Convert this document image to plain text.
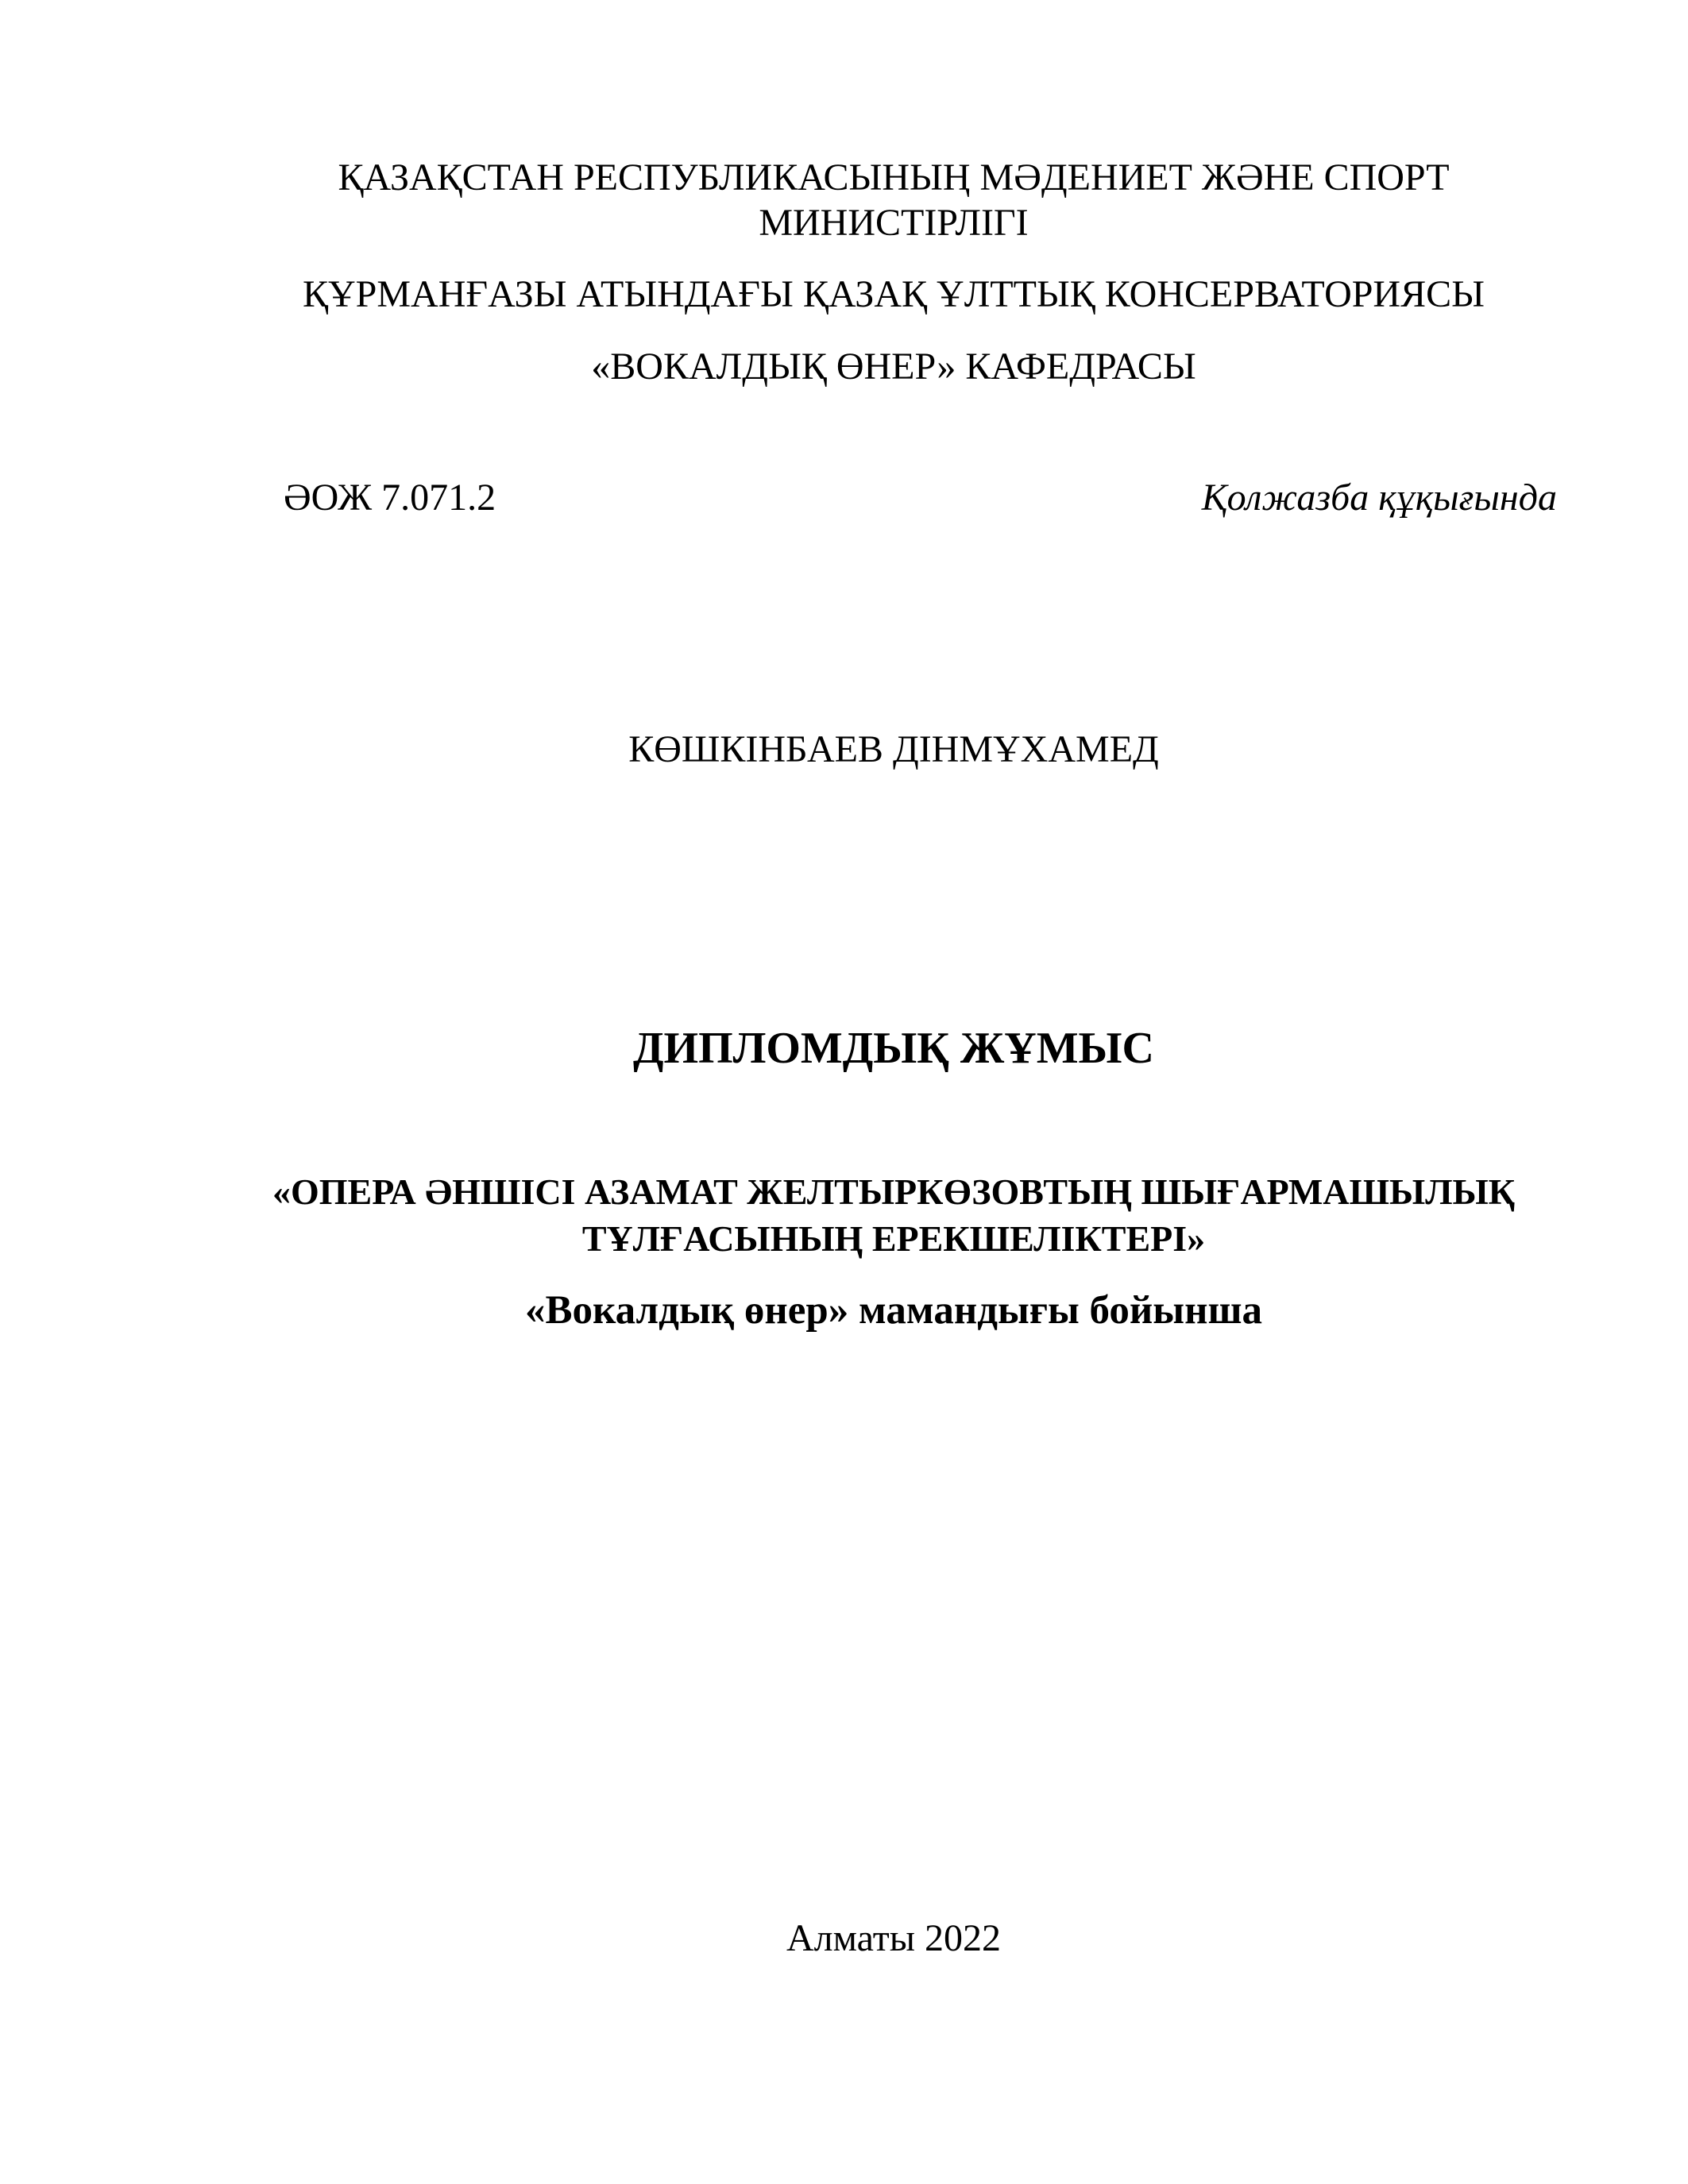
ҚАЗАҚСТАН РЕСПУБЛИКАСЫНЫҢ МӘДЕНИЕТ ЖӘНЕ СПОРТ
МИНИСТІРЛІГІ
ҚҰРМАНҒАЗЫ АТЫНДАҒЫ ҚАЗАҚ ҰЛТТЫҚ КОНСЕРВАТОРИЯСЫ
«ВОКАЛДЫҚ ӨНЕР» КАФЕДРАСЫ
ӘОЖ 7.071.2	Қолжазба құқығында
КӨШКІНБАЕВ ДІНМҰХАМЕД
ДИПЛОМДЫҚ ЖҰМЫС
«ОПЕРА ӘНШІСІ АЗАМАТ ЖЕЛТЫРКӨЗОВТЫҢ ШЫҒАРМАШЫЛЫҚ
ТҰЛҒАСЫНЫҢ ЕРЕКШЕЛІКТЕРІ»
«Вокалдық өнер» мамандығы бойынша
Алматы 2022
